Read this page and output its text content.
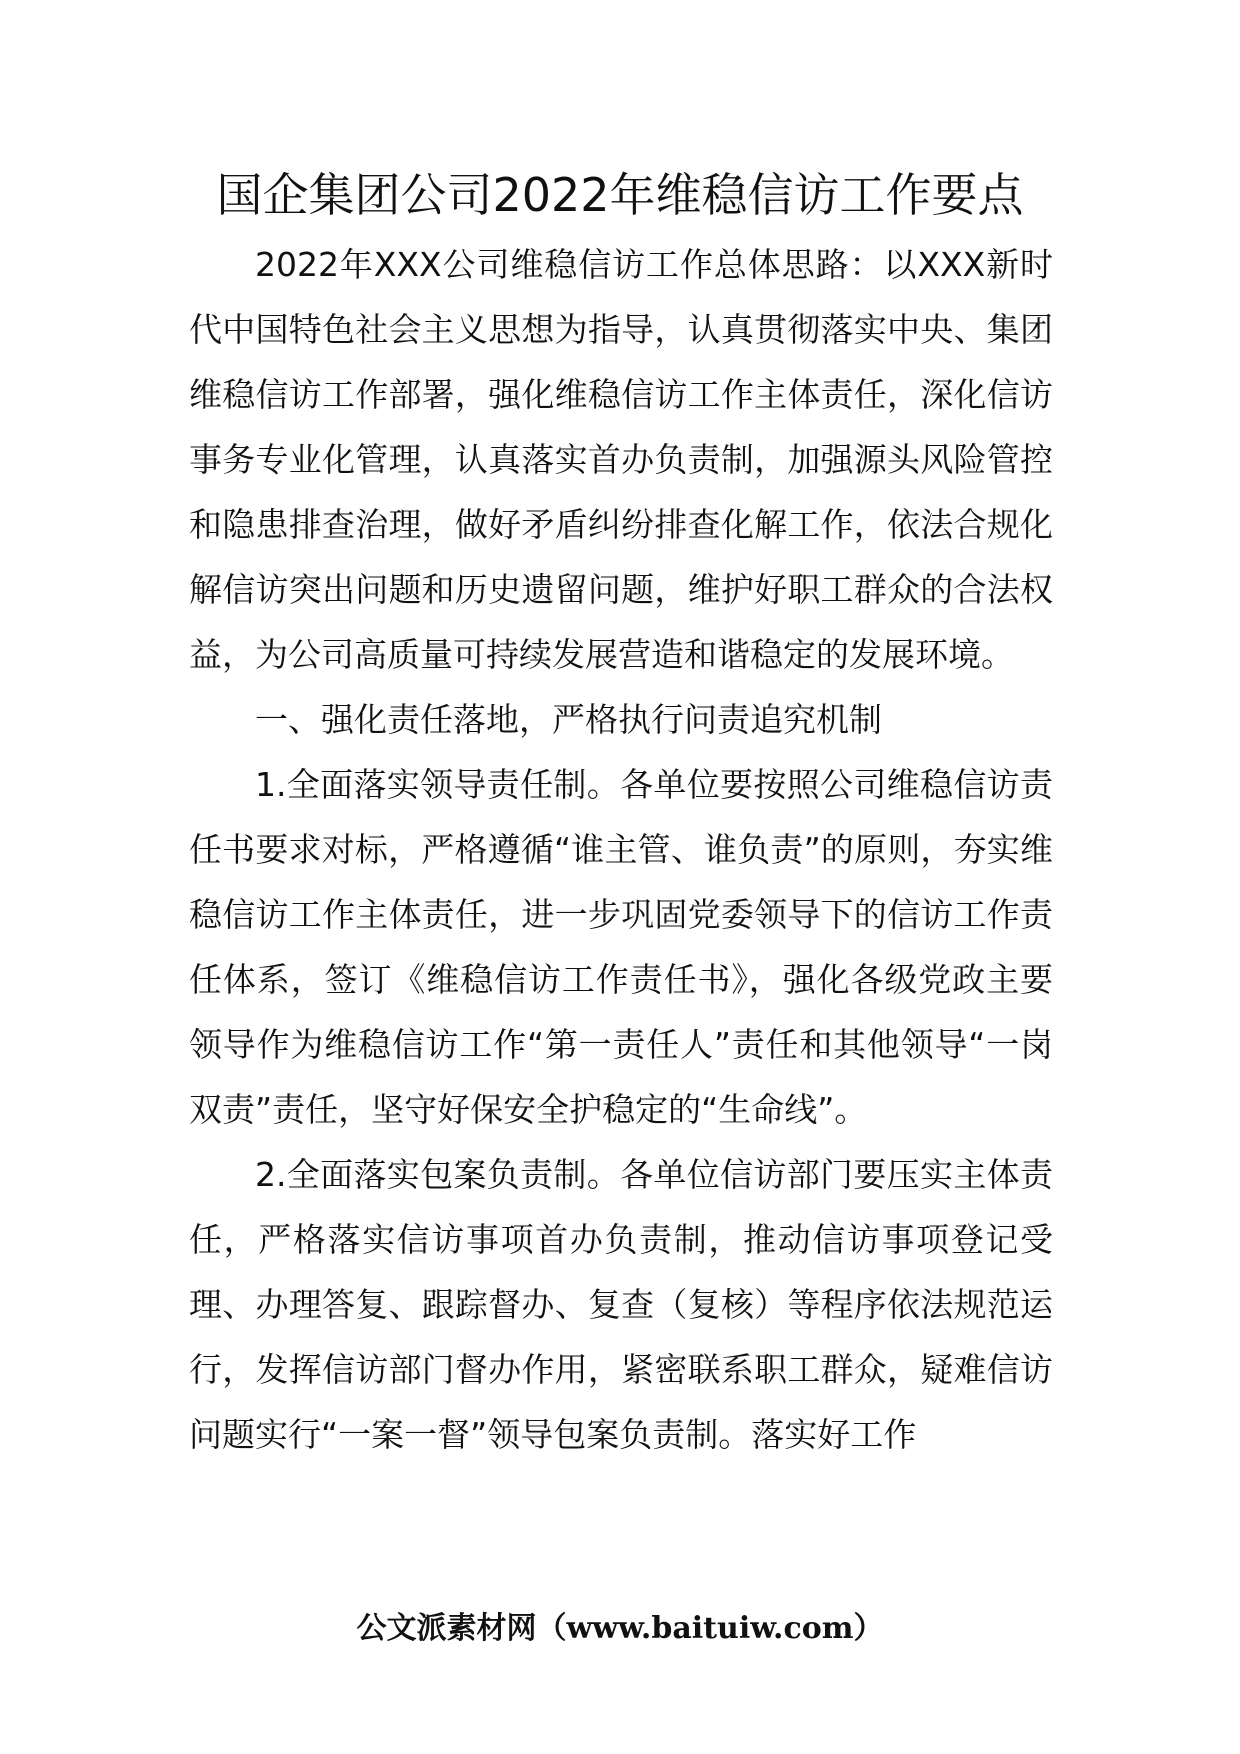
国企集团公司2022年维稳信访工作要点

2022年XXX公司维稳信访工作总体思路：以XXX新时代中国特色社会主义思想为指导，认真贯彻落实中央、集团维稳信访工作部署，强化维稳信访工作主体责任，深化信访事务专业化管理，认真落实首办负责制，加强源头风险管控和隐患排查治理，做好矛盾纠纷排查化解工作，依法合规化解信访突出问题和历史遗留问题，维护好职工群众的合法权益，为公司高质量可持续发展营造和谐稳定的发展环境。

一、强化责任落地，严格执行问责追究机制

1.全面落实领导责任制。各单位要按照公司维稳信访责任书要求对标，严格遵循“谁主管、谁负责”的原则，夯实维稳信访工作主体责任，进一步巩固党委领导下的信访工作责任体系，签订《维稳信访工作责任书》，强化各级党政主要领导作为维稳信访工作“第一责任人”责任和其他领导“一岗双责”责任，坚守好保安全护稳定的“生命线”。

2.全面落实包案负责制。各单位信访部门要压实主体责任，严格落实信访事项首办负责制，推动信访事项登记受理、办理答复、跟踪督办、复查（复核）等程序依法规范运行，发挥信访部门督办作用，紧密联系职工群众，疑难信访问题实行“一案一督”领导包案负责制。落实好工作

公文派素材网（www.baituiw.com）
